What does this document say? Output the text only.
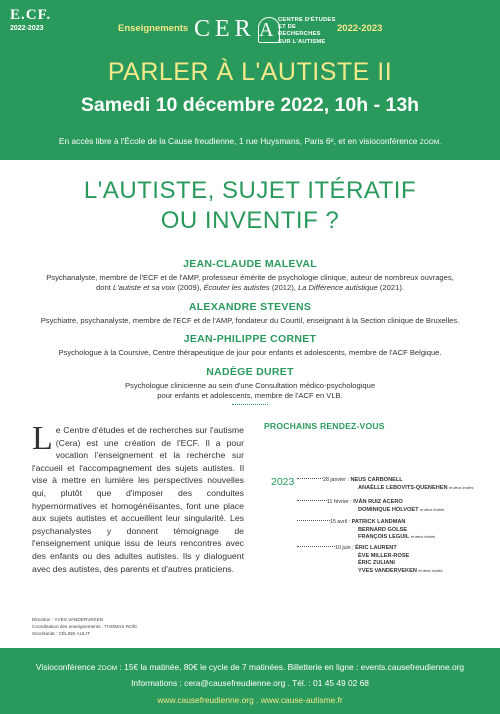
E.CF.
2022-2023	Enseignements CER A CENTRE D'ÉTUDES
ET DE RECHERCHES
SUR L'AUTISME
2022-2023
PARLER À L'AUTISTE II
Samedi 10 décembre 2022, 10h - 13h
En accès libre à l'École de la Cause freudienne, 1 rue Huysmans, Paris 6ᵉ, et en visioconférence ZOOM.
L'AUTISTE, SUJET ITÉRATIF
OU INVENTIF ?
JEAN-CLAUDE MALEVAL
Psychanalyste, membre de l'ECF et de l'AMP, professeur émérite de psychologie clinique, auteur de nombreux ouvrages,
dont L'autiste et sa voix (2009), Écouter les autistes (2012), La Différence autistique (2021).
ALEXANDRE STEVENS
Psychiatre, psychanalyste, membre de l'ECF et de l'AMP, fondateur du Courtil, enseignant à la Section clinique de Bruxelles.
JEAN-PHILIPPE CORNET
Psychologue à la Coursive, Centre thérapeutique de jour pour enfants et adolescents, membre de l'ACF Belgique.
NADÈGE DURET
Psychologue clinicienne au sein d'une Consultation médico-psychologique
pour enfants et adolescents, membre de l'ACF en VLB.
Le Centre d'études et de recherches sur l'autisme (Cera) est une création de l'ECF. Il a pour vocation l'enseignement et la recherche sur l'accueil et l'accompagnement des sujets autistes. Il vise à mettre en lumière les perspectives nouvelles qui, plutôt que d'imposer des conduites hypernormatives et homogénéisantes, font une place aux sujets autistes et accueillent leur singularité. Les psychanalystes y donnent témoignage de l'enseignement unique issu de leurs rencontres avec des enfants ou des adultes autistes. Ils y dialoguent avec des autistes, des parents et d'autres praticiens.
Direction : YVES VANDERVEKEN
Coordination des enseignements : THOMAS ROÏC
Secrétariat : CÉLINE AULIT
PROCHAINS RENDEZ-VOUS
2023	28 janvier : NEUS CARBONELL
ANAËLLE LEBOVITS-QUENEHEN et deux invités
11 février : IVÁN RUIZ ACERO
DOMINIQUE HOLVOET et deux invités
15 avril : PATRICK LANDMAN
BERNARD GOLSE
FRANÇOIS LEGUIL et deux invités
10 juin : ÉRIC LAURENT
ÈVE MILLER-ROSE
ÉRIC ZULIANI
YVES VANDERVEKEN et deux invités
Visioconférence ZOOM : 15€ la matinée, 80€ le cycle de 7 matinées. Billetterie en ligne : events.causefreudienne.org
Informations : cera@causefreudienne.org . Tél. : 01 45 49 02 68
www.causefreudienne.org . www.cause-autisme.fr
